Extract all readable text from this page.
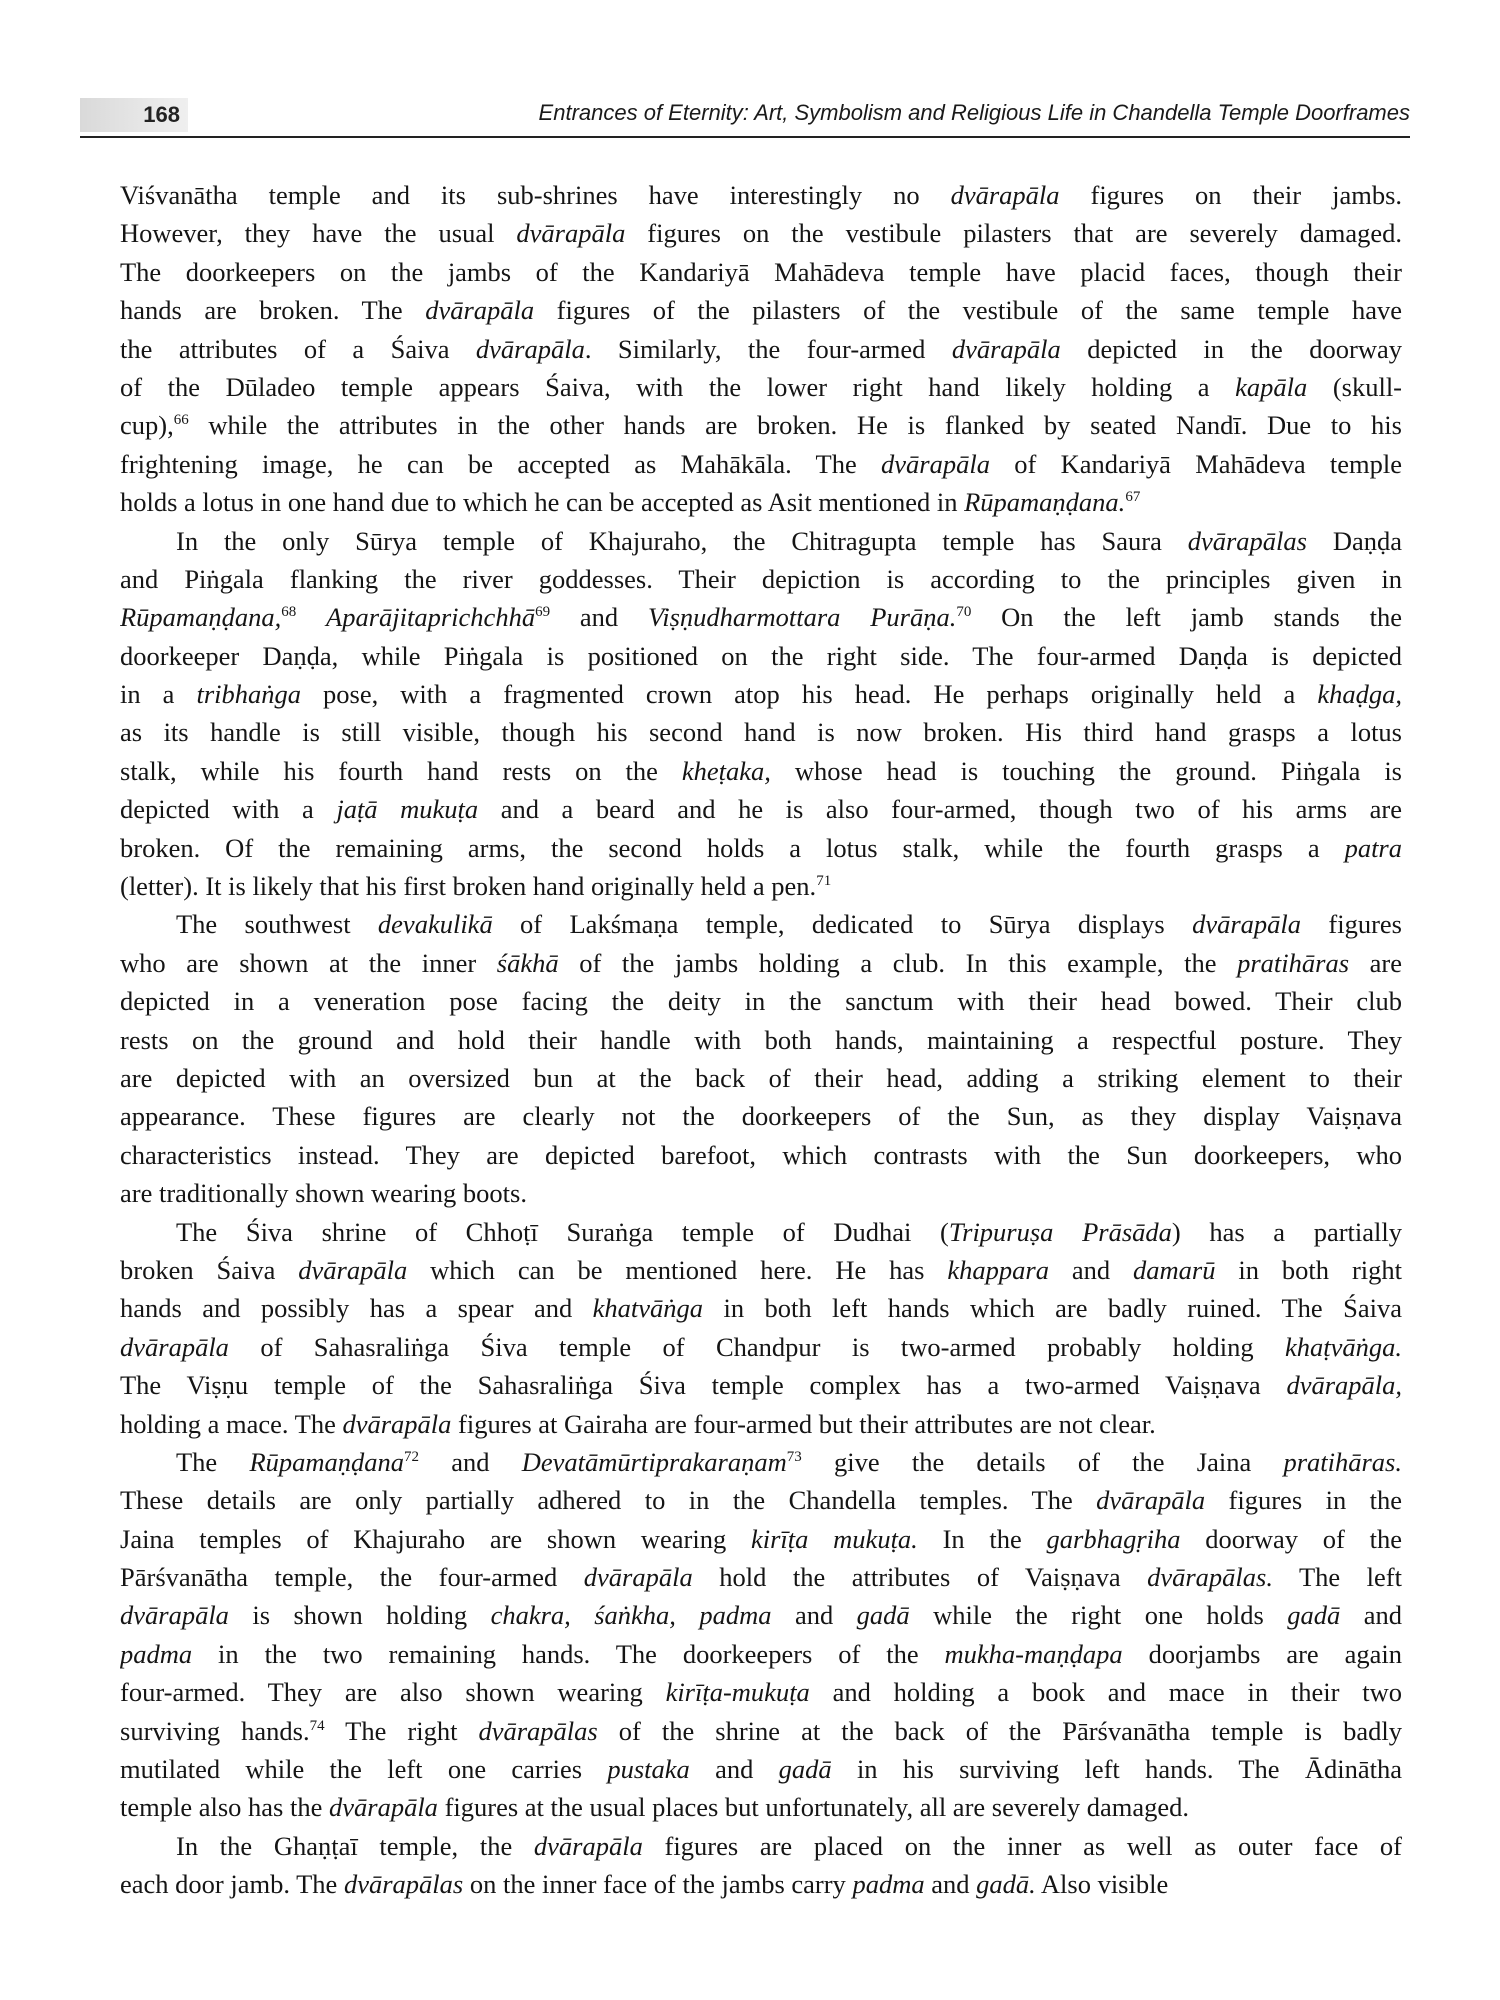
168	Entrances of Eternity: Art, Symbolism and Religious Life in Chandella Temple Doorframes
Viśvanātha temple and its sub-shrines have interestingly no dvārapāla figures on their jambs.
However, they have the usual dvārapāla figures on the vestibule pilasters that are severely damaged.
The doorkeepers on the jambs of the Kandariyā Mahādeva temple have placid faces, though their
hands are broken. The dvārapāla figures of the pilasters of the vestibule of the same temple have
the attributes of a Śaiva dvārapāla. Similarly, the four-armed dvārapāla depicted in the doorway
of the Dūladeo temple appears Śaiva, with the lower right hand likely holding a kapāla (skull-
cup),$^{66}$ while the attributes in the other hands are broken. He is flanked by seated Nandī. Due to his
frightening image, he can be accepted as Mahākāla. The dvārapāla of Kandariyā Mahādeva temple
holds a lotus in one hand due to which he can be accepted as Asit mentioned in Rūpamaṇḍana.$^{67}$
In the only Sūrya temple of Khajuraho, the Chitragupta temple has Saura dvārapālas Daṇḍa
and Piṅgala flanking the river goddesses. Their depiction is according to the principles given in
Rūpamaṇḍana,$^{68}$ Aparājitaprichchhā$^{69}$ and Viṣṇudharmottara Purāṇa.$^{70}$ On the left jamb stands the
doorkeeper Daṇḍa, while Piṅgala is positioned on the right side. The four-armed Daṇḍa is depicted
in a tribhaṅga pose, with a fragmented crown atop his head. He perhaps originally held a khaḍga,
as its handle is still visible, though his second hand is now broken. His third hand grasps a lotus
stalk, while his fourth hand rests on the kheṭaka, whose head is touching the ground. Piṅgala is
depicted with a jaṭā mukuṭa and a beard and he is also four-armed, though two of his arms are
broken. Of the remaining arms, the second holds a lotus stalk, while the fourth grasps a patra
(letter). It is likely that his first broken hand originally held a pen.$^{71}$
The southwest devakulikā of Lakśmaṇa temple, dedicated to Sūrya displays dvārapāla figures
who are shown at the inner śākhā of the jambs holding a club. In this example, the pratihāras are
depicted in a veneration pose facing the deity in the sanctum with their head bowed. Their club
rests on the ground and hold their handle with both hands, maintaining a respectful posture. They
are depicted with an oversized bun at the back of their head, adding a striking element to their
appearance. These figures are clearly not the doorkeepers of the Sun, as they display Vaiṣṇava
characteristics instead. They are depicted barefoot, which contrasts with the Sun doorkeepers, who
are traditionally shown wearing boots.
The Śiva shrine of Chhoṭī Suraṅga temple of Dudhai (Tripuruṣa Prāsāda) has a partially
broken Śaiva dvārapāla which can be mentioned here. He has khappara and damarū in both right
hands and possibly has a spear and khatvāṅga in both left hands which are badly ruined. The Śaiva
dvārapāla of Sahasraliṅga Śiva temple of Chandpur is two-armed probably holding khaṭvāṅga.
The Viṣṇu temple of the Sahasraliṅga Śiva temple complex has a two-armed Vaiṣṇava dvārapāla,
holding a mace. The dvārapāla figures at Gairaha are four-armed but their attributes are not clear.
The Rūpamaṇḍana$^{72}$ and Devatāmūrtiprakaraṇam$^{73}$ give the details of the Jaina pratihāras.
These details are only partially adhered to in the Chandella temples. The dvārapāla figures in the
Jaina temples of Khajuraho are shown wearing kirīṭa mukuṭa. In the garbhagṛiha doorway of the
Pārśvanātha temple, the four-armed dvārapāla hold the attributes of Vaiṣṇava dvārapālas. The left
dvārapāla is shown holding chakra, śaṅkha, padma and gadā while the right one holds gadā and
padma in the two remaining hands. The doorkeepers of the mukha-maṇḍapa doorjambs are again
four-armed. They are also shown wearing kirīṭa-mukuṭa and holding a book and mace in their two
surviving hands.$^{74}$ The right dvārapālas of the shrine at the back of the Pārśvanātha temple is badly
mutilated while the left one carries pustaka and gadā in his surviving left hands. The Ādinātha
temple also has the dvārapāla figures at the usual places but unfortunately, all are severely damaged.
In the Ghaṇṭaī temple, the dvārapāla figures are placed on the inner as well as outer face of
each door jamb. The dvārapālas on the inner face of the jambs carry padma and gadā. Also visible
